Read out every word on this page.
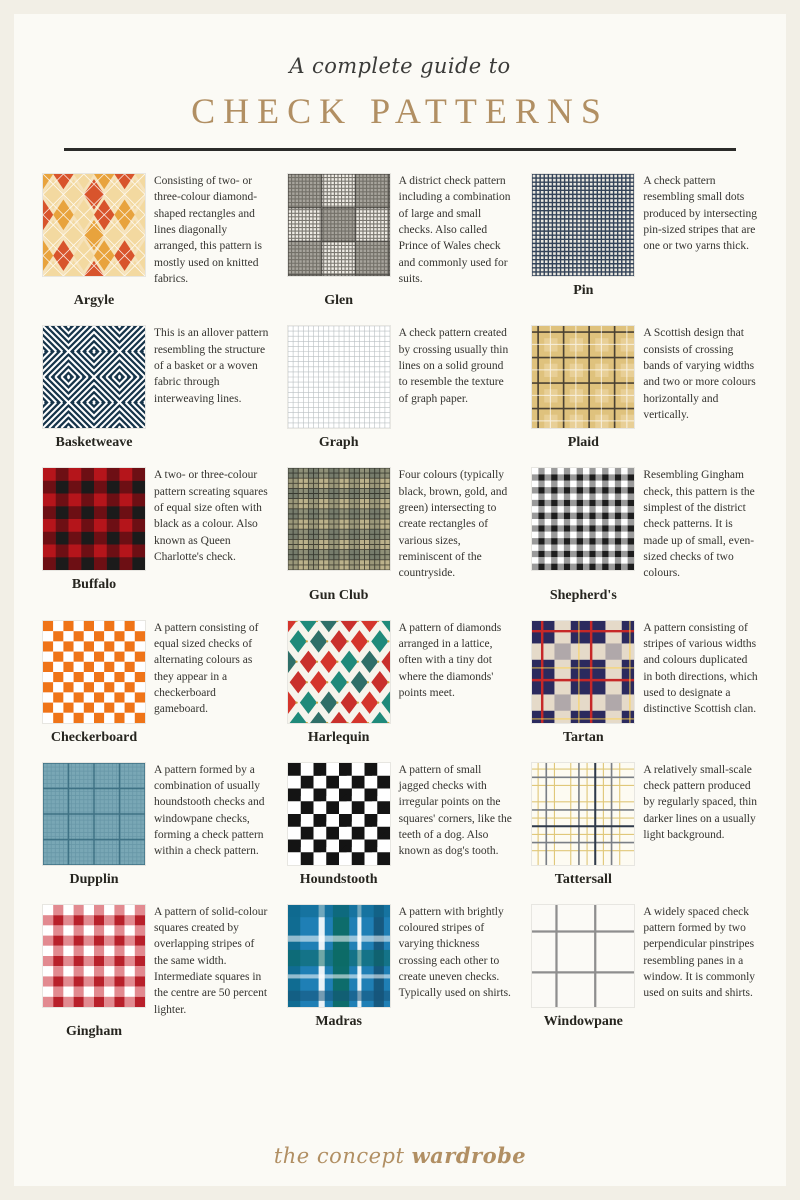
A complete guide to
CHECK PATTERNS
Consisting of two- or three-colour diamond-shaped rectangles and lines diagonally arranged, this pattern is mostly used on knitted fabrics.
Argyle
A district check pattern including a combination of large and small checks. Also called Prince of Wales check and commonly used for suits.
Glen
A check pattern resembling small dots produced by intersecting pin-sized stripes that are one or two yarns thick.
Pin
This is an allover pattern resembling the structure of a basket or a woven fabric through interweaving lines.
Basketweave
A check pattern created by crossing usually thin lines on a solid ground to resemble the texture of graph paper.
Graph
A Scottish design that consists of crossing bands of varying widths and two or more colours horizontally and vertically.
Plaid
A two- or three-colour pattern screating squares of equal size often with black as a colour. Also known as Queen Charlotte's check.
Buffalo
Four colours (typically black, brown, gold, and green) intersecting to create rectangles of various sizes, reminiscent of the countryside.
Gun Club
Resembling Gingham check, this pattern is the simplest of the district check patterns. It is made up of small, even-sized checks of two colours.
Shepherd's
A pattern consisting of equal sized checks of alternating colours as they appear in a checkerboard gameboard.
Checkerboard
A pattern of diamonds arranged in a lattice, often with a tiny dot where the diamonds' points meet.
Harlequin
A pattern consisting of stripes of various widths and colours duplicated in both directions, which used to designate a distinctive Scottish clan.
Tartan
A pattern formed by a combination of usually houndstooth checks and windowpane checks, forming a check pattern within a check pattern.
Dupplin
A pattern of small jagged checks with irregular points on the squares' corners, like the teeth of a dog. Also known as dog's tooth.
Houndstooth
A relatively small-scale check pattern produced by regularly spaced, thin darker lines on a usually light background.
Tattersall
A pattern of solid-colour squares created by overlapping stripes of the same width. Intermediate squares in the centre are 50 percent lighter.
Gingham
A pattern with brightly coloured stripes of varying thickness crossing each other to create uneven checks. Typically used on shirts.
Madras
A widely spaced check pattern formed by two perpendicular pinstripes resembling panes in a window. It is commonly used on suits and shirts.
Windowpane
the concept wardrobe
